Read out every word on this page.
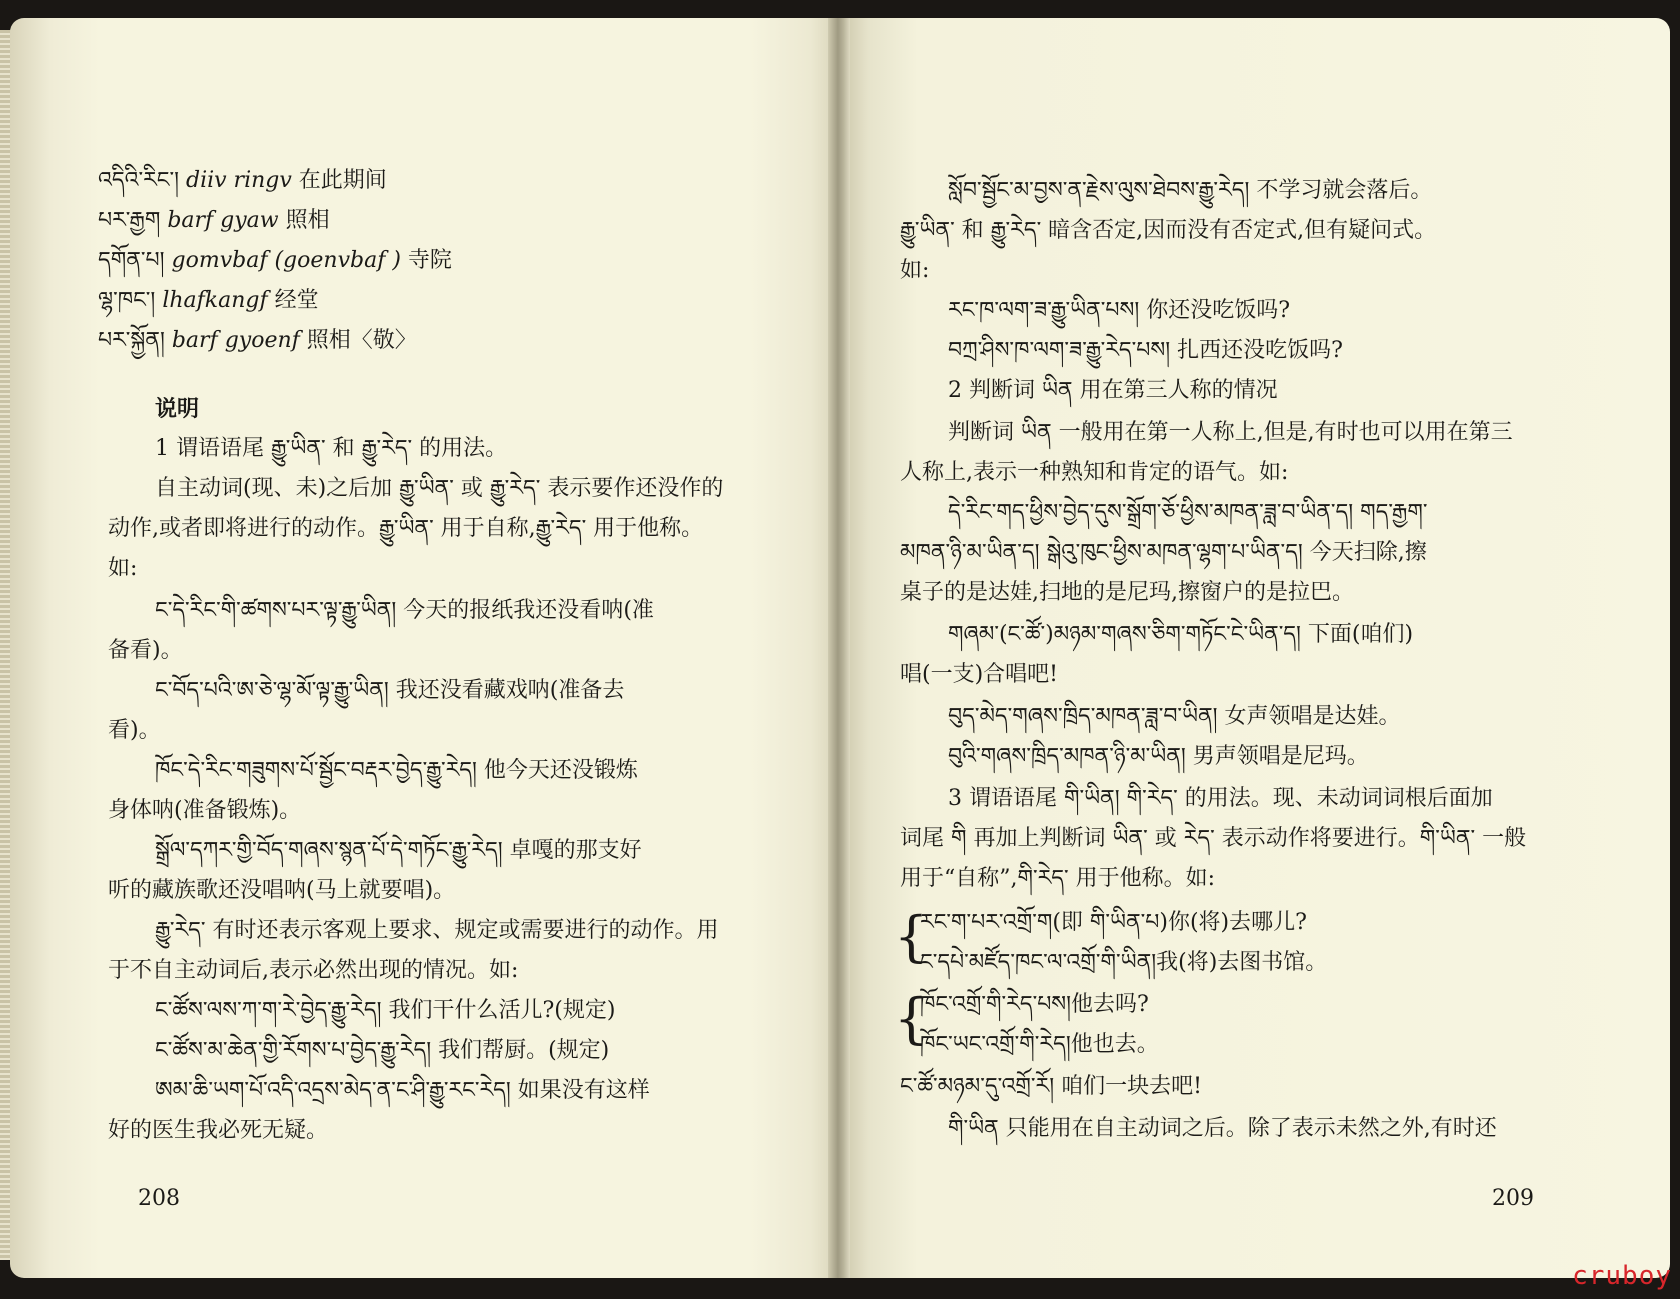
འདིའི་རིང་། diiv ringv 在此期间
པར་རྒྱག barf gyaw 照相
དགོན་པ། gomvbaf (goenvbaf ) 寺院
ལྷ་ཁང་། lhafkangf 经堂
པར་སྐྱོན། barf gyoenf 照相〈敬〉
说明
1 谓语语尾 རྒྱུ་ཡིན་ 和 རྒྱུ་རེད་ 的用法。
自主动词(现、未)之后加 རྒྱུ་ཡིན་ 或 རྒྱུ་རེད་ 表示要作还没作的
动作,或者即将进行的动作。རྒྱུ་ཡིན་ 用于自称,རྒྱུ་རེད་ 用于他称。
如:
ང་དེ་རིང་གི་ཚགས་པར་ལྟ་རྒྱུ་ཡིན། 今天的报纸我还没看呐(准
备看)。
ང་བོད་པའི་ཨ་ཅེ་ལྷ་མོ་ལྟ་རྒྱུ་ཡིན། 我还没看藏戏呐(准备去
看)。
ཁོང་དེ་རིང་གཟུགས་པོ་སྦྱོང་བརྡར་བྱེད་རྒྱུ་རེད། 他今天还没锻炼
身体呐(准备锻炼)。
སྒྲོལ་དཀར་གྱི་བོད་གཞས་སྙན་པོ་དེ་གཏོང་རྒྱུ་རེད། 卓嘎的那支好
听的藏族歌还没唱呐(马上就要唱)。
རྒྱུ་རེད་ 有时还表示客观上要求、规定或需要进行的动作。用
于不自主动词后,表示必然出现的情况。如:
ང་ཚོས་ལས་ཀ་ག་རེ་བྱེད་རྒྱུ་རེད། 我们干什么活儿?(规定)
ང་ཚོས་མ་ཆེན་གྱི་རོགས་པ་བྱེད་རྒྱུ་རེད། 我们帮厨。(规定)
ཨམ་ཆི་ཡག་པོ་འདི་འདྲས་མེད་ན་ང་ཤི་རྒྱུ་རང་རེད། 如果没有这样
好的医生我必死无疑。
208
སློབ་སྦྱོང་མ་བྱས་ན་རྗེས་ལུས་ཐེབས་རྒྱུ་རེད། 不学习就会落后。
རྒྱུ་ཡིན་ 和 རྒྱུ་རེད་ 暗含否定,因而没有否定式,但有疑问式。
如:
རང་ཁ་ལག་ཟ་རྒྱུ་ཡིན་པས། 你还没吃饭吗?
བཀྲ་ཤིས་ཁ་ལག་ཟ་རྒྱུ་རེད་པས། 扎西还没吃饭吗?
2 判断词 ཡིན 用在第三人称的情况
判断词 ཡིན 一般用在第一人称上,但是,有时也可以用在第三
人称上,表示一种熟知和肯定的语气。如:
དེ་རིང་གད་ཕྱིས་བྱེད་དུས་སྒྲོག་ཅོ་ཕྱིས་མཁན་ཟླ་བ་ཡིན་ད། གད་རྒྱག་
མཁན་ཉི་མ་ཡིན་ད། སྒེའུ་ཁུང་ཕྱིས་མཁན་ལྷག་པ་ཡིན་ད། 今天扫除,擦
桌子的是达娃,扫地的是尼玛,擦窗户的是拉巴。
གཞམ་(ང་ཚོ་)མཉམ་གཞས་ཅིག་གཏོང་ངེ་ཡིན་ད། 下面(咱们)
唱(一支)合唱吧!
བུད་མེད་གཞས་ཁྲིད་མཁན་ཟླ་བ་ཡིན། 女声领唱是达娃。
བུའི་གཞས་ཁྲིད་མཁན་ཉི་མ་ཡིན། 男声领唱是尼玛。
3 谓语语尾 གི་ཡིན། གི་རེད་ 的用法。现、未动词词根后面加
词尾 གི 再加上判断词 ཡིན་ 或 རེད་ 表示动作将要进行。གི་ཡིན་ 一般
用于“自称”,གི་རེད་ 用于他称。如:
{
རང་ག་པར་འགྲོ་ག(即 གི་ཡིན་པ)你(将)去哪儿?
ང་དཔེ་མཛོད་ཁང་ལ་འགྲོ་གི་ཡིན།我(将)去图书馆。
{
ཁོང་འགྲོ་གི་རེད་པས།他去吗?
ཁོང་ཡང་འགྲོ་གི་རེད།他也去。
ང་ཚོ་མཉམ་དུ་འགྲོ་རོ། 咱们一块去吧!
གི་ཡིན 只能用在自主动词之后。除了表示未然之外,有时还
209
cruboy
